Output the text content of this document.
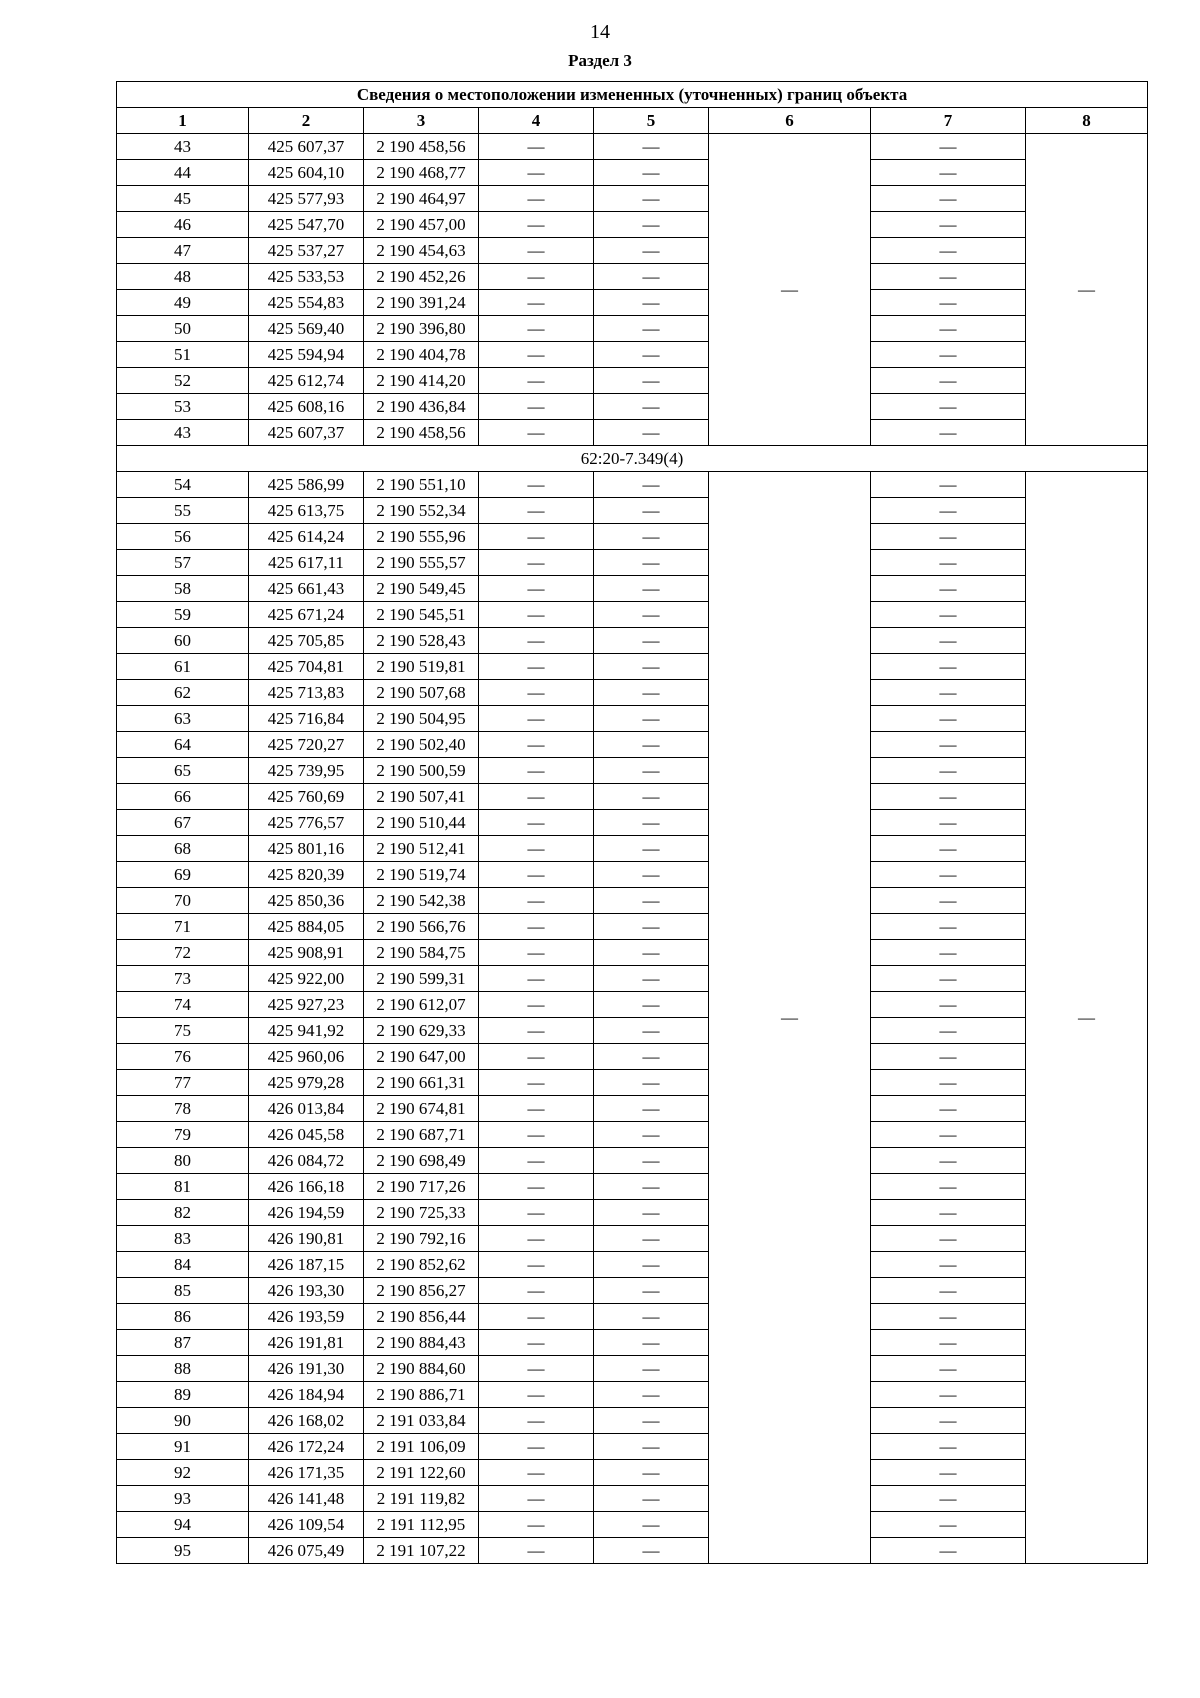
14
Раздел 3
Сведения о местоположении измененных (уточненных) границ объекта							
1	2	3	4	5	6	7	8
43	425 607,37	2 190 458,56	—	—	—	—	—
44	425 604,10	2 190 468,77	—	—		—	
45	425 577,93	2 190 464,97	—	—		—	
46	425 547,70	2 190 457,00	—	—		—	
47	425 537,27	2 190 454,63	—	—		—	
48	425 533,53	2 190 452,26	—	—		—	
49	425 554,83	2 190 391,24	—	—		—	
50	425 569,40	2 190 396,80	—	—		—	
51	425 594,94	2 190 404,78	—	—		—	
52	425 612,74	2 190 414,20	—	—		—	
53	425 608,16	2 190 436,84	—	—		—	
43	425 607,37	2 190 458,56	—	—		—	
62:20-7.349(4)							
54	425 586,99	2 190 551,10	—	—	—	—	—
55	425 613,75	2 190 552,34	—	—		—	
56	425 614,24	2 190 555,96	—	—		—	
57	425 617,11	2 190 555,57	—	—		—	
58	425 661,43	2 190 549,45	—	—		—	
59	425 671,24	2 190 545,51	—	—		—	
60	425 705,85	2 190 528,43	—	—		—	
61	425 704,81	2 190 519,81	—	—		—	
62	425 713,83	2 190 507,68	—	—		—	
63	425 716,84	2 190 504,95	—	—		—	
64	425 720,27	2 190 502,40	—	—		—	
65	425 739,95	2 190 500,59	—	—		—	
66	425 760,69	2 190 507,41	—	—		—	
67	425 776,57	2 190 510,44	—	—		—	
68	425 801,16	2 190 512,41	—	—		—	
69	425 820,39	2 190 519,74	—	—		—	
70	425 850,36	2 190 542,38	—	—		—	
71	425 884,05	2 190 566,76	—	—		—	
72	425 908,91	2 190 584,75	—	—		—	
73	425 922,00	2 190 599,31	—	—		—	
74	425 927,23	2 190 612,07	—	—		—	
75	425 941,92	2 190 629,33	—	—		—	
76	425 960,06	2 190 647,00	—	—		—	
77	425 979,28	2 190 661,31	—	—		—	
78	426 013,84	2 190 674,81	—	—		—	
79	426 045,58	2 190 687,71	—	—		—	
80	426 084,72	2 190 698,49	—	—		—	
81	426 166,18	2 190 717,26	—	—		—	
82	426 194,59	2 190 725,33	—	—		—	
83	426 190,81	2 190 792,16	—	—		—	
84	426 187,15	2 190 852,62	—	—		—	
85	426 193,30	2 190 856,27	—	—		—	
86	426 193,59	2 190 856,44	—	—		—	
87	426 191,81	2 190 884,43	—	—		—	
88	426 191,30	2 190 884,60	—	—		—	
89	426 184,94	2 190 886,71	—	—		—	
90	426 168,02	2 191 033,84	—	—		—	
91	426 172,24	2 191 106,09	—	—		—	
92	426 171,35	2 191 122,60	—	—		—	
93	426 141,48	2 191 119,82	—	—		—	
94	426 109,54	2 191 112,95	—	—		—	
95	426 075,49	2 191 107,22	—	—		—	
